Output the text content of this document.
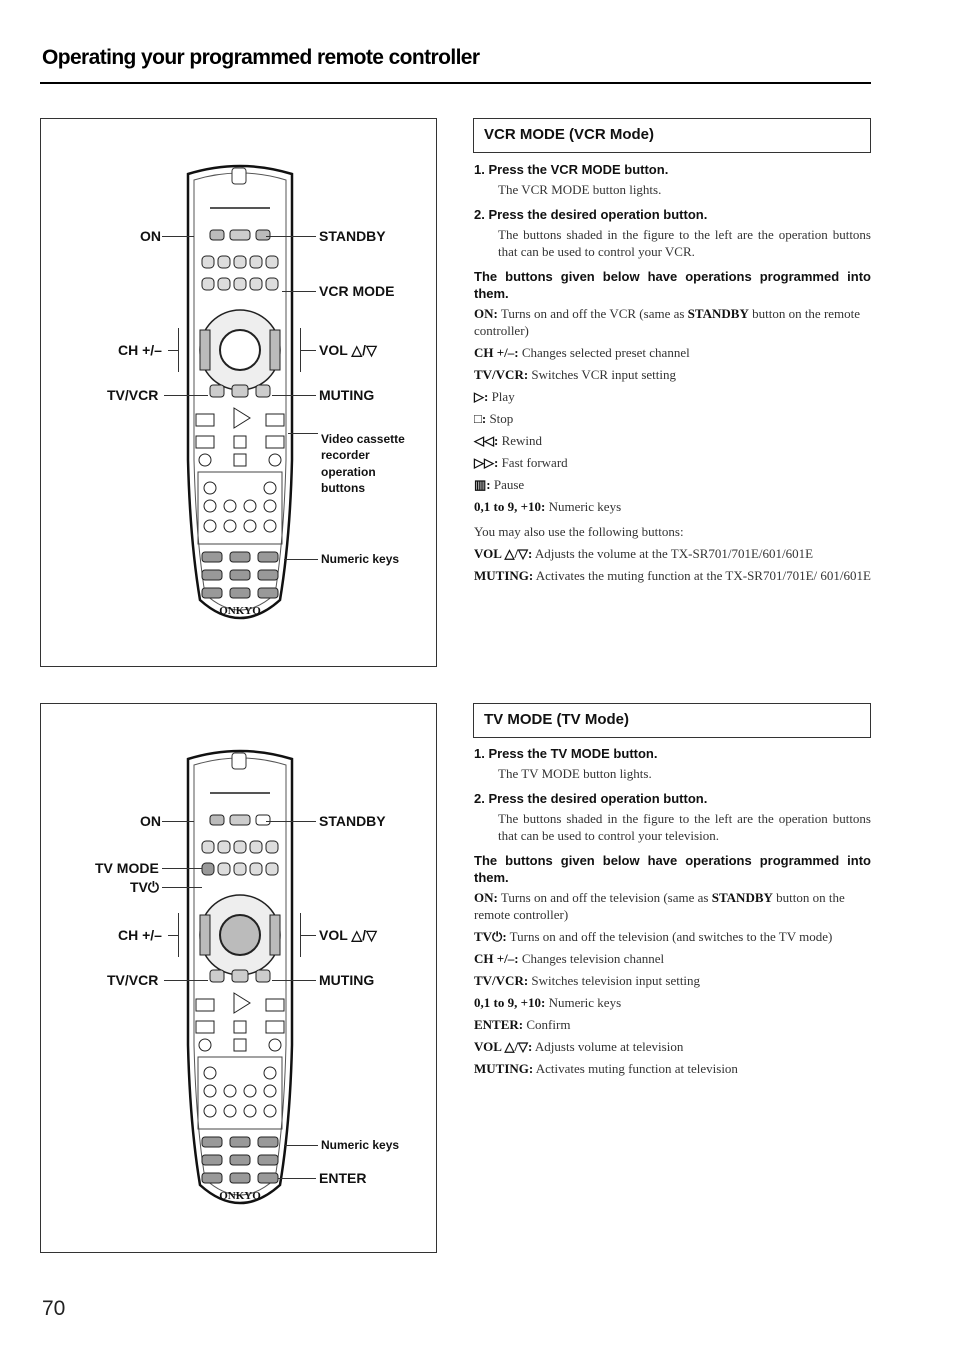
Operating your programmed remote controller
ONKYO
ON	STANDBY
VCR MODE
CH +/–	VOL △/▽
TV/VCR	MUTING
Video cassette
recorder
operation
buttons
Numeric keys
VCR MODE (VCR Mode)

1. Press the VCR MODE button.

The VCR MODE button lights.

2. Press the desired operation button.

The buttons shaded in the figure to the left are the operation buttons that can be used to control your VCR.

The buttons given below have operations programmed into them.

ON: Turns on and off the VCR (same as STANDBY button on the remote controller)

CH +/–: Changes selected preset channel

TV/VCR: Switches VCR input setting

▷: Play

□: Stop

◁◁: Rewind

▷▷: Fast forward

▥: Pause

0,1 to 9, +10: Numeric keys

You may also use the following buttons:

VOL △/▽: Adjusts the volume at the TX-SR701/701E/601/601E

MUTING: Activates the muting function at the TX-SR701/701E/ 601/601E

ONKYO
ON	STANDBY
TV MODE
TV⏻
CH +/–	VOL △/▽
TV/VCR	MUTING
Numeric keys
ENTER
TV MODE (TV Mode)

1. Press the TV MODE button.

The TV MODE button lights.

2. Press the desired operation button.

The buttons shaded in the figure to the left are the operation buttons that can be used to control your television.

The buttons given below have operations programmed into them.

ON: Turns on and off the television (same as STANDBY button on the remote controller)

TV⏻: Turns on and off the television (and switches to the TV mode)

CH +/–: Changes television channel

TV/VCR: Switches television input setting

0,1 to 9, +10: Numeric keys

ENTER: Confirm

VOL △/▽: Adjusts volume at television

MUTING: Activates muting function at television

70
